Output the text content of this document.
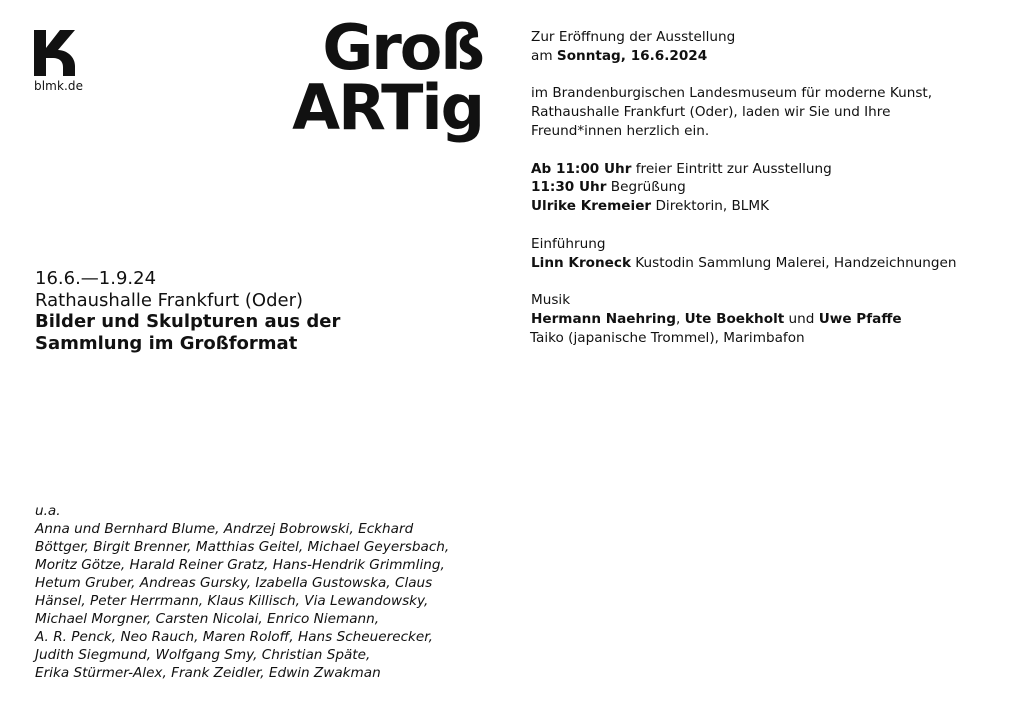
blmk.de
Groß
ARTig
16.6.—1.9.24
Rathaushalle Frankfurt (Oder)
Bilder und Skulpturen aus der
Sammlung im Großformat
u.a.
Anna und Bernhard Blume, Andrzej Bobrowski, Eckhard
Böttger, Birgit Brenner, Matthias Geitel, Michael Geyersbach,
Moritz Götze, Harald Reiner Gratz, Hans-Hendrik Grimmling,
Hetum Gruber, Andreas Gursky, Izabella Gustowska, Claus
Hänsel, Peter Herrmann, Klaus Killisch, Via Lewandowsky,
Michael Morgner, Carsten Nicolai, Enrico Niemann,
A. R. Penck, Neo Rauch, Maren Roloff, Hans Scheuerecker,
Judith Siegmund, Wolfgang Smy, Christian Späte,
Erika Stürmer-Alex, Frank Zeidler, Edwin Zwakman
Zur Eröffnung der Ausstellung
am Sonntag, 16.6.2024
im Brandenburgischen Landesmuseum für moderne Kunst,
Rathaushalle Frankfurt (Oder), laden wir Sie und Ihre
Freund*innen herzlich ein.
Ab 11:00 Uhr freier Eintritt zur Ausstellung
11:30 Uhr Begrüßung
Ulrike Kremeier Direktorin, BLMK
Einführung
Linn Kroneck Kustodin Sammlung Malerei, Handzeichnungen
Musik
Hermann Naehring, Ute Boekholt und Uwe Pfaffe
Taiko (japanische Trommel), Marimbafon
